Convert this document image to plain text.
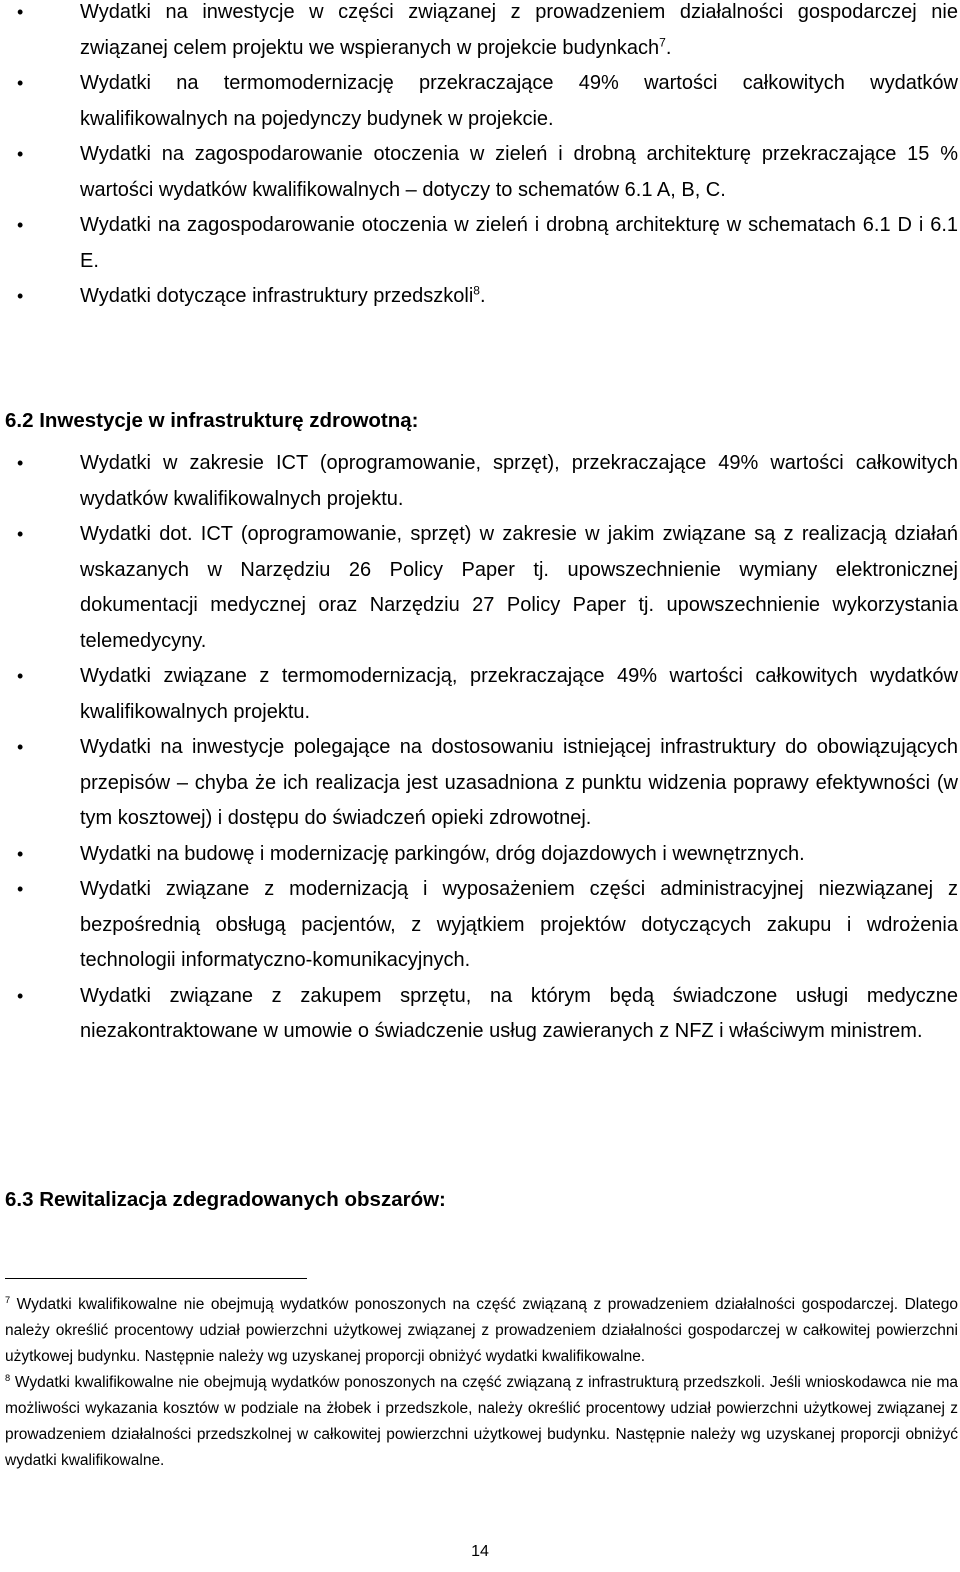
•	Wydatki na inwestycje w części związanej z prowadzeniem działalności gospodarczej nie związanej celem projektu we wspieranych w projekcie budynkach$^7$.
•	Wydatki na termomodernizację przekraczające 49% wartości całkowitych wydatków kwalifikowalnych na pojedynczy budynek w projekcie.
•	Wydatki na zagospodarowanie otoczenia w zieleń i drobną architekturę przekraczające 15 % wartości wydatków kwalifikowalnych – dotyczy to schematów 6.1 A, B, C.
•	Wydatki na zagospodarowanie otoczenia w zieleń i drobną architekturę w schematach 6.1 D i 6.1 E.
•	Wydatki dotyczące infrastruktury przedszkoli$^8$.
6.2 Inwestycje w infrastrukturę zdrowotną:
•	Wydatki w zakresie ICT (oprogramowanie, sprzęt), przekraczające 49% wartości całkowitych wydatków kwalifikowalnych projektu.
•	Wydatki dot. ICT (oprogramowanie, sprzęt) w zakresie w jakim związane są z realizacją działań wskazanych w Narzędziu 26 Policy Paper tj. upowszechnienie wymiany elektronicznej dokumentacji medycznej oraz Narzędziu 27 Policy Paper tj. upowszechnienie wykorzystania telemedycyny.
•	Wydatki związane z termomodernizacją, przekraczające 49% wartości całkowitych wydatków kwalifikowalnych projektu.
•	Wydatki na inwestycje polegające na dostosowaniu istniejącej infrastruktury do obowiązujących przepisów – chyba że ich realizacja jest uzasadniona z punktu widzenia poprawy efektywności (w tym kosztowej) i dostępu do świadczeń opieki zdrowotnej.
•	Wydatki na budowę i modernizację parkingów, dróg dojazdowych i wewnętrznych.
•	Wydatki związane z modernizacją i wyposażeniem części administracyjnej niezwiązanej z bezpośrednią obsługą pacjentów, z wyjątkiem projektów dotyczących zakupu i wdrożenia technologii informatyczno-komunikacyjnych.
•	Wydatki związane z zakupem sprzętu, na którym będą świadczone usługi medyczne niezakontraktowane w umowie o świadczenie usług zawieranych z NFZ i właściwym ministrem.
6.3 Rewitalizacja zdegradowanych obszarów:

$^7$ Wydatki kwalifikowalne nie obejmują wydatków ponoszonych na część związaną z prowadzeniem działalności gospodarczej. Dlatego należy określić procentowy udział powierzchni użytkowej związanej z prowadzeniem działalności gospodarczej w całkowitej powierzchni użytkowej budynku. Następnie należy wg uzyskanej proporcji obniżyć wydatki kwalifikowalne.

$^8$ Wydatki kwalifikowalne nie obejmują wydatków ponoszonych na część związaną z infrastrukturą przedszkoli. Jeśli wnioskodawca nie ma możliwości wykazania kosztów w podziale na żłobek i przedszkole, należy określić procentowy udział powierzchni użytkowej związanej z prowadzeniem działalności przedszkolnej w całkowitej powierzchni użytkowej budynku. Następnie należy wg uzyskanej proporcji obniżyć wydatki kwalifikowalne.

14
